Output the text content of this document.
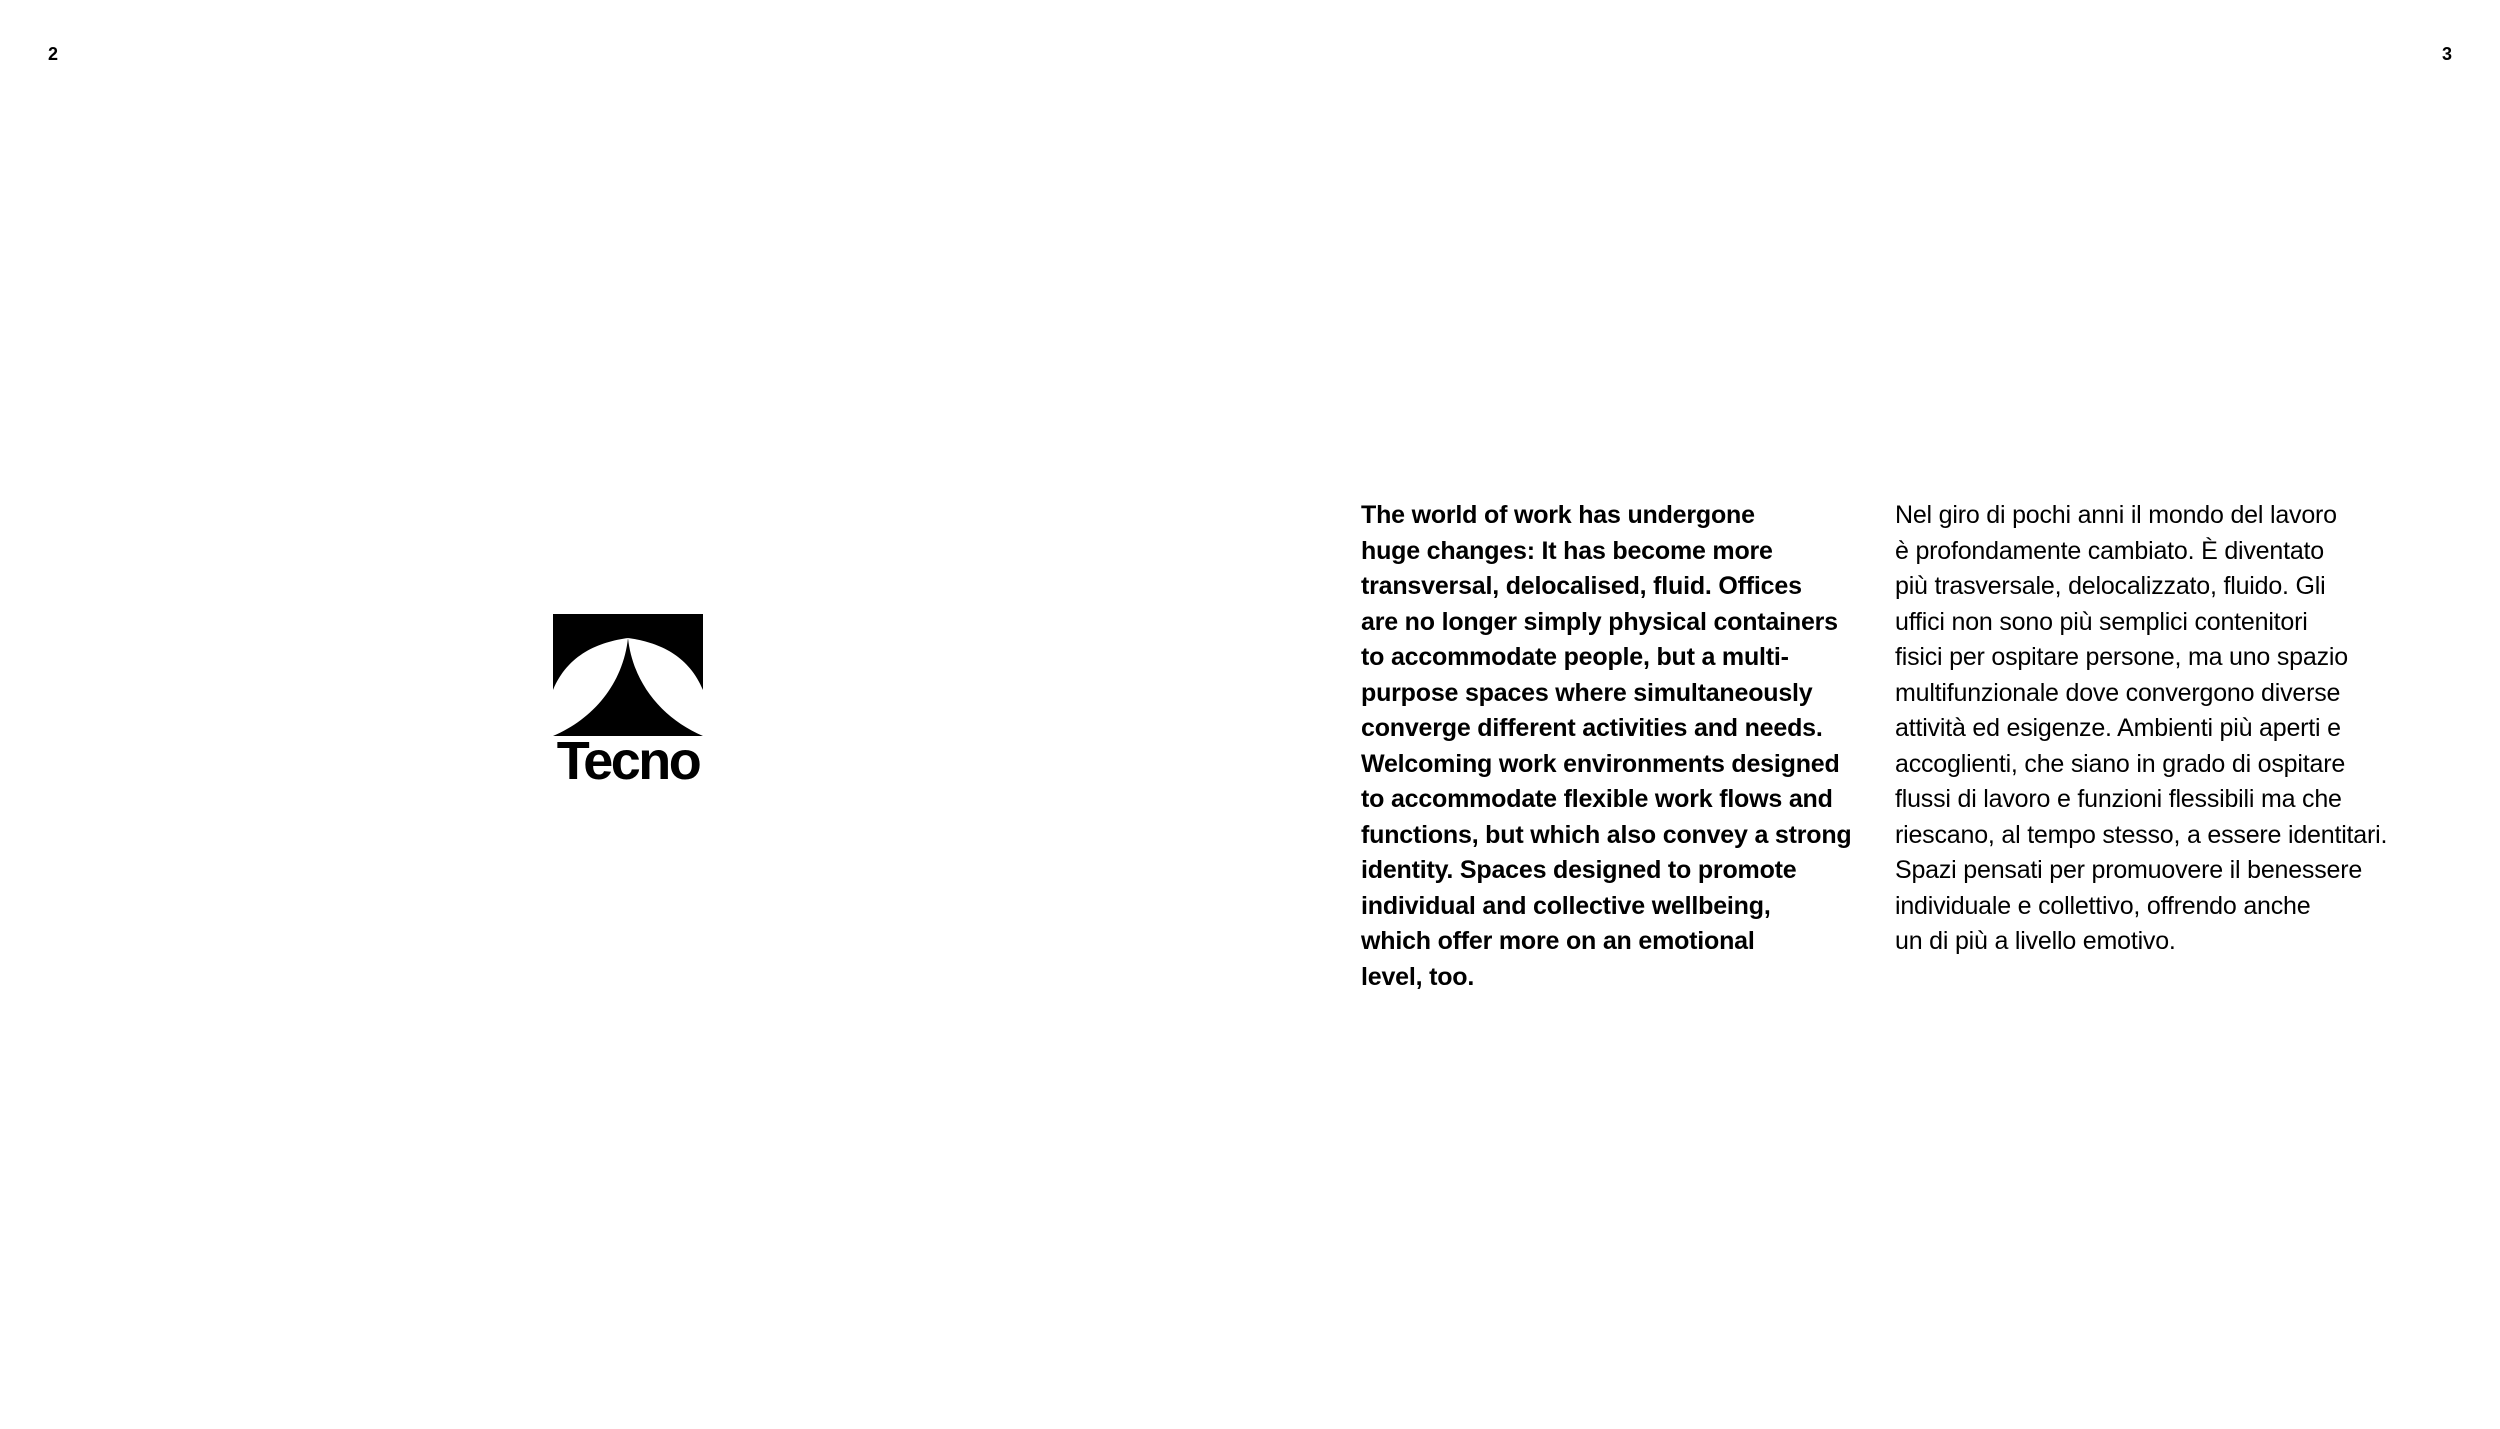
2	3
Tecno
The world of work has undergone
huge changes: It has become more
transversal, delocalised, fluid. Offices
are no longer simply physical containers
to accommodate people, but a multi-
purpose spaces where simultaneously
converge different activities and needs.
Welcoming work environments designed
to accommodate flexible work flows and
functions, but which also convey a strong
identity. Spaces designed to promote
individual and collective wellbeing,
which offer more on an emotional
level, too.
Nel giro di pochi anni il mondo del lavoro
è profondamente cambiato. È diventato
più trasversale, delocalizzato, fluido. Gli
uffici non sono più semplici contenitori
fisici per ospitare persone, ma uno spazio
multifunzionale dove convergono diverse
attività ed esigenze. Ambienti più aperti e
accoglienti, che siano in grado di ospitare
flussi di lavoro e funzioni flessibili ma che
riescano, al tempo stesso, a essere identitari.
Spazi pensati per promuovere il benessere
individuale e collettivo, offrendo anche
un di più a livello emotivo.
